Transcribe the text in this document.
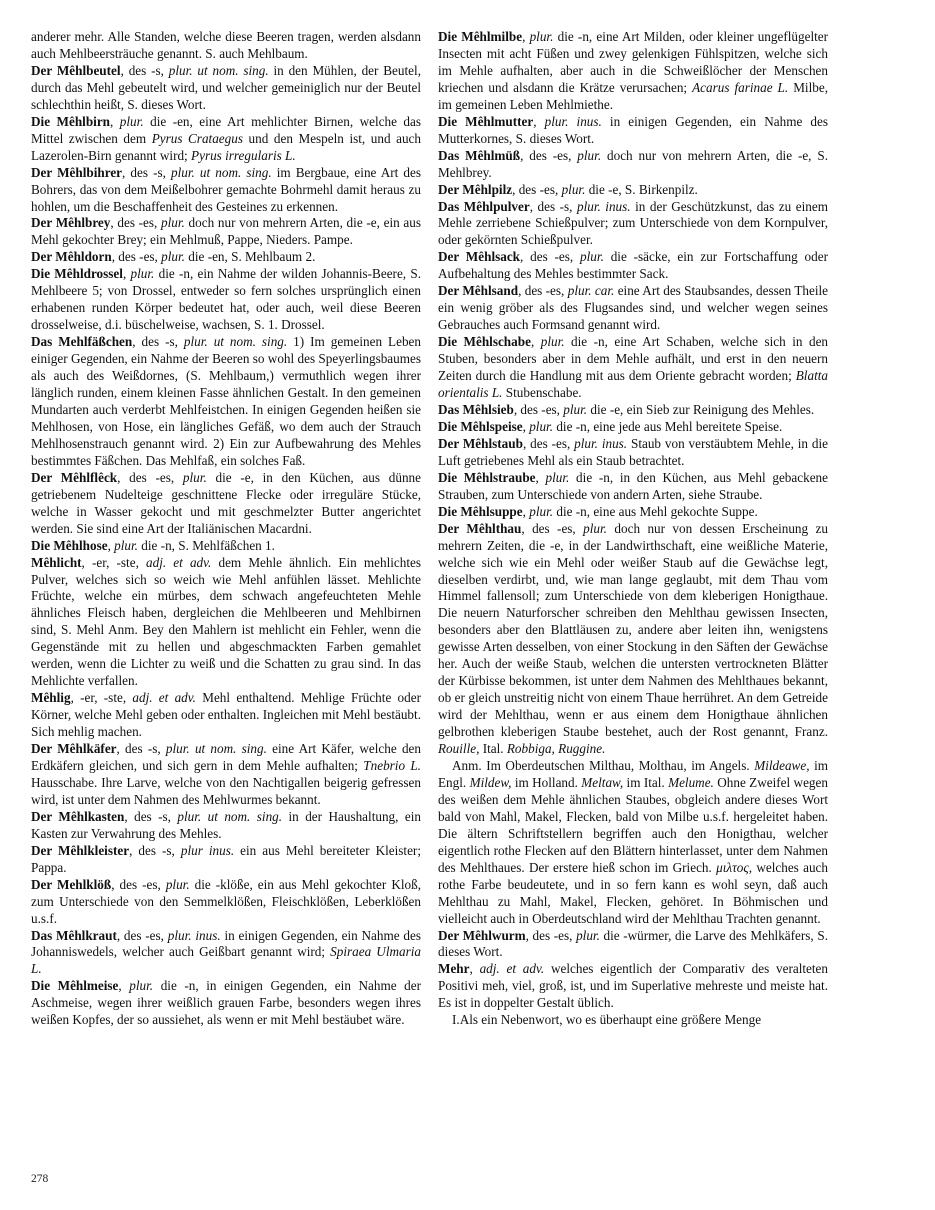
anderer mehr. Alle Standen, welche diese Beeren tragen, werden alsdann auch Mehlbeersträuche genannt. S. auch Mehlbaum.

Der Mêhlbeutel, des -s, plur. ut nom. sing. in den Mühlen, der Beutel, durch das Mehl gebeutelt wird, und welcher gemeiniglich nur der Beutel schlechthin heißt, S. dieses Wort.

Die Mêhlbirn, plur. die -en, eine Art mehlichter Birnen, welche das Mittel zwischen dem Pyrus Crataegus und den Mespeln ist, und auch Lazerolen-Birn genannt wird; Pyrus irregularis L.

Der Mêhlbihrer, des -s, plur. ut nom. sing. im Bergbaue, eine Art des Bohrers, das von dem Meißelbohrer gemachte Bohrmehl damit heraus zu hohlen, um die Beschaffenheit des Gesteines zu erkennen.

Der Mêhlbrey, des -es, plur. doch nur von mehrern Arten, die -e, ein aus Mehl gekochter Brey; ein Mehlmuß, Pappe, Nieders. Pampe.

Der Mêhldorn, des -es, plur. die -en, S. Mehlbaum 2.

Die Mêhldrossel, plur. die -n, ein Nahme der wilden Johannis-Beere, S. Mehlbeere 5; von Drossel, entweder so fern solches ursprünglich einen erhabenen runden Körper bedeutet hat, oder auch, weil diese Beeren drosselweise, d.i. büschelweise, wachsen, S. 1. Drossel.

Das Mehlfäßchen, des -s, plur. ut nom. sing. 1) Im gemeinen Leben einiger Gegenden, ein Nahme der Beeren so wohl des Speyerlingsbaumes als auch des Weißdornes, (S. Mehlbaum,) vermuthlich wegen ihrer länglich runden, einem kleinen Fasse ähnlichen Gestalt. In den gemeinen Mundarten auch verderbt Mehlfeistchen. In einigen Gegenden heißen sie Mehlhosen, von Hose, ein längliches Gefäß, wo dem auch der Strauch Mehlhosenstrauch genannt wird. 2) Ein zur Aufbewahrung des Mehles bestimmtes Fäßchen. Das Mehlfaß, ein solches Faß.

Der Mêhlflêck, des -es, plur. die -e, in den Küchen, aus dünne getriebenem Nudelteige geschnittene Flecke oder irreguläre Stücke, welche in Wasser gekocht und mit geschmelzter Butter angerichtet werden. Sie sind eine Art der Italiänischen Macardni.

Die Mêhlhose, plur. die -n, S. Mehlfäßchen 1.

Mêhlicht, -er, -ste, adj. et adv. dem Mehle ähnlich. Ein mehlichtes Pulver, welches sich so weich wie Mehl anfühlen lässet. Mehlichte Früchte, welche ein mürbes, dem schwach angefeuchteten Mehle ähnliches Fleisch haben, dergleichen die Mehlbeeren und Mehlbirnen sind, S. Mehl Anm. Bey den Mahlern ist mehlicht ein Fehler, wenn die Gegenstände mit zu hellen und abgeschmackten Farben gemahlet werden, wenn die Lichter zu weiß und die Schatten zu grau sind. In das Mehlichte verfallen.

Mêhlig, -er, -ste, adj. et adv. Mehl enthaltend. Mehlige Früchte oder Körner, welche Mehl geben oder enthalten. Ingleichen mit Mehl bestäubt. Sich mehlig machen.

Der Mêhlkäfer, des -s, plur. ut nom. sing. eine Art Käfer, welche den Erdkäfern gleichen, und sich gern in dem Mehle aufhalten; Tnebrio L. Hausschabe. Ihre Larve, welche von den Nachtigallen beigerig gefressen wird, ist unter dem Nahmen des Mehlwurmes bekannt.

Der Mêhlkasten, des -s, plur. ut nom. sing. in der Haushaltung, ein Kasten zur Verwahrung des Mehles.

Der Mêhlkleister, des -s, plur inus. ein aus Mehl bereiteter Kleister; Pappa.

Der Mehlklöß, des -es, plur. die -klöße, ein aus Mehl gekochter Kloß, zum Unterschiede von den Semmelklößen, Fleischklößen, Leberklößen u.s.f.

Das Mêhlkraut, des -es, plur. inus. in einigen Gegenden, ein Nahme des Johanniswedels, welcher auch Geißbart genannt wird; Spiraea Ulmaria L.

Die Mêhlmeise, plur. die -n, in einigen Gegenden, ein Nahme der Aschmeise, wegen ihrer weißlich grauen Farbe, besonders wegen ihres weißen Kopfes, der so aussiehet, als wenn er mit Mehl bestäubet wäre.

Die Mêhlmilbe, plur. die -n, eine Art Milden, oder kleiner ungeflügelter Insecten mit acht Füßen und zwey gelenkigen Fühlspitzen, welche sich im Mehle aufhalten, aber auch in die Schweißlöcher der Menschen kriechen und alsdann die Krätze verursachen; Acarus farinae L. Milbe, im gemeinen Leben Mehlmiethe.

Die Mêhlmutter, plur. inus. in einigen Gegenden, ein Nahme des Mutterkornes, S. dieses Wort.

Das Mêhlmüß, des -es, plur. doch nur von mehrern Arten, die -e, S. Mehlbrey.

Der Mêhlpilz, des -es, plur. die -e, S. Birkenpilz.

Das Mêhlpulver, des -s, plur. inus. in der Geschützkunst, das zu einem Mehle zerriebene Schießpulver; zum Unterschiede von dem Kornpulver, oder gekörnten Schießpulver.

Der Mêhlsack, des -es, plur. die -säcke, ein zur Fortschaffung oder Aufbehaltung des Mehles bestimmter Sack.

Der Mêhlsand, des -es, plur. car. eine Art des Staubsandes, dessen Theile ein wenig gröber als des Flugsandes sind, und welcher wegen seines Gebrauches auch Formsand genannt wird.

Die Mêhlschabe, plur. die -n, eine Art Schaben, welche sich in den Stuben, besonders aber in dem Mehle aufhält, und erst in den neuern Zeiten durch die Handlung mit aus dem Oriente gebracht worden; Blatta orientalis L. Stubenschabe.

Das Mêhlsieb, des -es, plur. die -e, ein Sieb zur Reinigung des Mehles.

Die Mêhlspeise, plur. die -n, eine jede aus Mehl bereitete Speise.

Der Mêhlstaub, des -es, plur. inus. Staub von verstäubtem Mehle, in die Luft getriebenes Mehl als ein Staub betrachtet.

Die Mêhlstraube, plur. die -n, in den Küchen, aus Mehl gebackene Strauben, zum Unterschiede von andern Arten, siehe Straube.

Die Mêhlsuppe, plur. die -n, eine aus Mehl gekochte Suppe.

Der Mêhlthau, des -es, plur. doch nur von dessen Erscheinung zu mehrern Zeiten, die -e, in der Landwirthschaft, eine weißliche Materie, welche sich wie ein Mehl oder weißer Staub auf die Gewächse legt, dieselben verdirbt, und, wie man lange geglaubt, mit dem Thau vom Himmel fallensoll; zum Unterschiede von dem kleberigen Honigthaue. Die neuern Naturforscher schreiben den Mehlthau gewissen Insecten, besonders aber den Blattläusen zu, andere aber leiten ihn, wenigstens gewisse Arten desselben, von einer Stockung in den Säften der Gewächse her. Auch der weiße Staub, welchen die untersten vertrockneten Blätter der Kürbisse bekommen, ist unter dem Nahmen des Mehlthaues bekannt, ob er gleich unstreitig nicht von einem Thaue herrühret. An dem Getreide wird der Mehlthau, wenn er aus einem dem Honigthaue ähnlichen gelbrothen kleberigen Staube bestehet, auch der Rost genannt, Franz. Rouille, Ital. Robbiga, Ruggine.

Anm. Im Oberdeutschen Milthau, Molthau, im Angels. Mildeawe, im Engl. Mildew, im Holland. Meltaw, im Ital. Melume. Ohne Zweifel wegen des weißen dem Mehle ähnlichen Staubes, obgleich andere dieses Wort bald von Mahl, Makel, Flecken, bald von Milbe u.s.f. hergeleitet haben. Die ältern Schriftstellern begriffen auch den Honigthau, welcher eigentlich rothe Flecken auf den Blättern hinterlasset, unter dem Nahmen des Mehlthaues. Der erstere hieß schon im Griech. μιλτος, welches auch rothe Farbe beudeutete, und in so fern kann es wohl seyn, daß auch Mehlthau zu Mahl, Makel, Flecken, gehöret. In Böhmischen und vielleicht auch in Oberdeutschland wird der Mehlthau Trachten genannt.

Der Mêhlwurm, des -es, plur. die -würmer, die Larve des Mehlkäfers, S. dieses Wort.

Mehr, adj. et adv. welches eigentlich der Comparativ des veralteten Positivi meh, viel, groß, ist, und im Superlative mehreste und meiste hat. Es ist in doppelter Gestalt üblich.

I.Als ein Nebenwort, wo es überhaupt eine größere Menge

278
